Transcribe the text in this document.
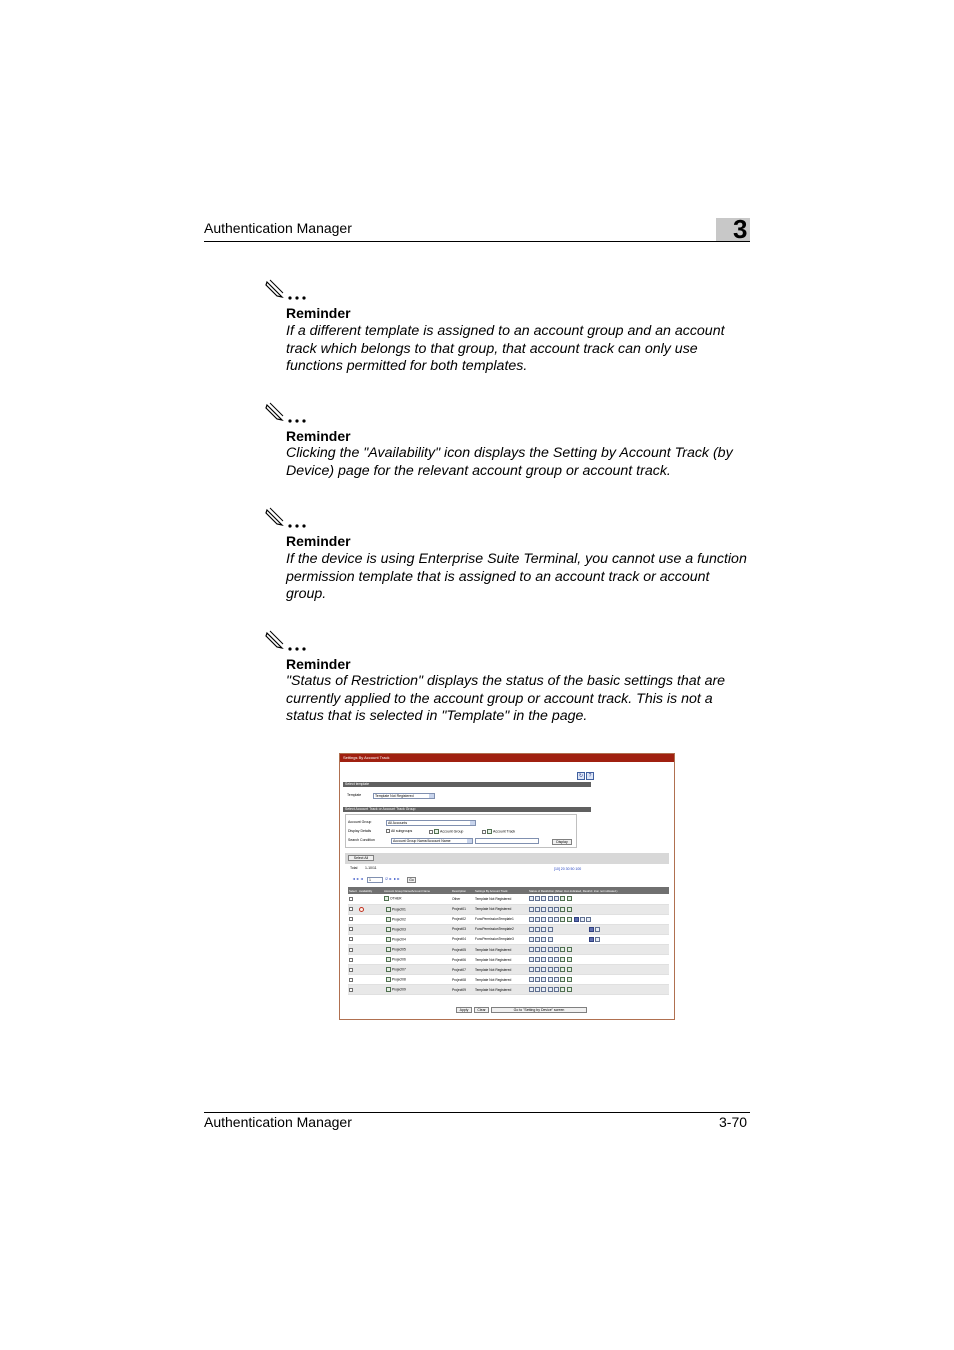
Authentication Manager	3
Reminder
If a different template is assigned to an account group and an account track which belongs to that group, that account track can only use functions permitted for both templates.
Reminder
Clicking the "Availability" icon displays the Setting by Account Track (by Device) page for the relevant account group or account track.
Reminder
If the device is using Enterprise Suite Terminal, you cannot use a function permission template that is assigned to an account track or account group.
Reminder
"Status of Restriction" displays the status of the basic settings that are currently applied to the account group or account track. This is not a status that is selected in "Template" in the page.
Settings By Account Track
↻ ?
Select template
Template	Template Not Registered
Select Account Track or Account Track Group
Account Group	All Accounts
Display Details	All subgroups	Account Group	Account Track
Search Condition	Account Group Name/Account Name	Display
Select All
Total 1-10/11	[10] 20 30 50 100
◄◄ ◄	1	/2 ► ►►	Go
Select	Availability	Account Group Name/Account Name	Description	Settings By Account Track	Status of Restriction (Allow: Icon indicated, Restrict: Icon not indicated.)
		OTHER	Other	Template Not Registered	
		Project01	Project01	Template Not Registered	
		Project02	Project02	FuncPermissionTemplate1	
		Project03	Project03	FuncPermissionTemplate2	
		Project04	Project04	FuncPermissionTemplate3	
		Project05	Project05	Template Not Registered	
		Project06	Project06	Template Not Registered	
		Project07	Project07	Template Not Registered	
		Project08	Project08	Template Not Registered	
		Project09	Project09	Template Not Registered	
Apply	Clear	Go to "Setting by Device" screen
Authentication Manager	3-70
